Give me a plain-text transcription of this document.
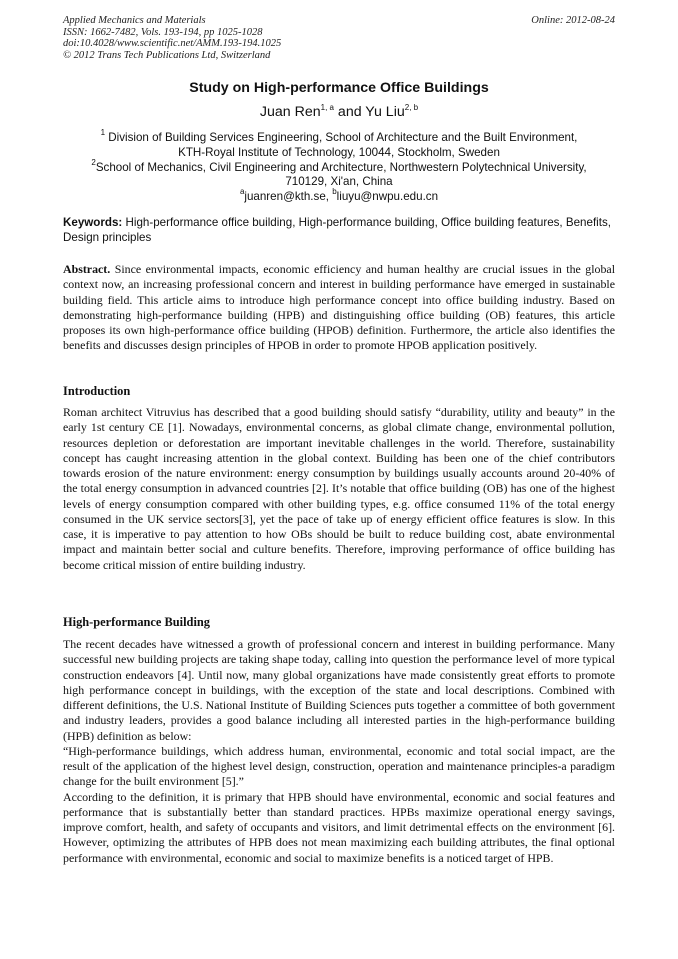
Applied Mechanics and Materials
ISSN: 1662-7482, Vols. 193-194, pp 1025-1028
doi:10.4028/www.scientific.net/AMM.193-194.1025
© 2012 Trans Tech Publications Ltd, Switzerland
Online: 2012-08-24
Study on High-performance Office Buildings
Juan Ren$^{1, a}$ and Yu Liu$^{2, b}$
$^1$ Division of Building Services Engineering, School of Architecture and the Built Environment,
KTH-Royal Institute of Technology, 10044, Stockholm, Sweden
$^2$School of Mechanics, Civil Engineering and Architecture, Northwestern Polytechnical University,
710129, Xi'an, China
$^a$juanren@kth.se, $^b$liuyu@nwpu.edu.cn
Keywords: High-performance office building, High-performance building, Office building features, Benefits, Design principles

Abstract. Since environmental impacts, economic efficiency and human healthy are crucial issues in the global context now, an increasing professional concern and interest in building performance have emerged in sustainable building field. This article aims to introduce high performance concept into office building industry. Based on demonstrating high-performance building (HPB) and distinguishing office building (OB) features, this article proposes its own high-performance office building (HPOB) definition. Furthermore, the article also identifies the benefits and discusses design principles of HPOB in order to promote HPOB application positively.

Introduction

Roman architect Vitruvius has described that a good building should satisfy “durability, utility and beauty” in the early 1st century CE [1]. Nowadays, environmental concerns, as global climate change, environmental pollution, resources depletion or deforestation are important inevitable challenges in the world. Therefore, sustainability concept has caught increasing attention in the global context. Building has been one of the chief contributors towards erosion of the nature environment: energy consumption by buildings usually accounts around 20-40% of the total energy consumption in advanced countries [2]. It’s notable that office building (OB) has one of the highest levels of energy consumption compared with other building types, e.g. office consumed 11% of the total energy consumed in the UK service sectors[3], yet the pace of take up of energy efficient office features is slow. In this case, it is imperative to pay attention to how OBs should be built to reduce building cost, abate environmental impact and maintain better social and culture benefits. Therefore, improving performance of office building has become critical mission of entire building industry.

High-performance Building

The recent decades have witnessed a growth of professional concern and interest in building performance. Many successful new building projects are taking shape today, calling into question the performance level of more typical construction endeavors [4]. Until now, many global organizations have made consistently great efforts to promote high performance concept in buildings, with the exception of the state and local descriptions. Combined with different definitions, the U.S. National Institute of Building Sciences puts together a committee of both government and industry leaders, provides a good balance including all interested parties in the high-performance building (HPB) definition as below:

“High-performance buildings, which address human, environmental, economic and total social impact, are the result of the application of the highest level design, construction, operation and maintenance principles-a paradigm change for the built environment [5].”

According to the definition, it is primary that HPB should have environmental, economic and social features and performance that is substantially better than standard practices. HPBs maximize operational energy savings, improve comfort, health, and safety of occupants and visitors, and limit detrimental effects on the environment [6]. However, optimizing the attributes of HPB does not mean maximizing each building attributes, the final optional performance with environmental, economic and social to maximize benefits is a noticed target of HPB.
